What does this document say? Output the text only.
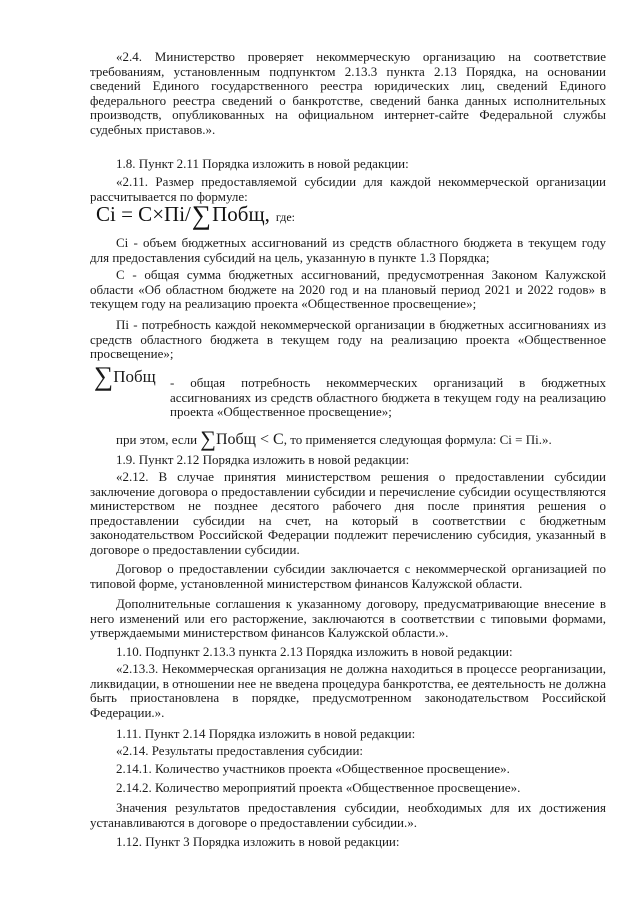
«2.4. Министерство проверяет некоммерческую организацию на соответствие требованиям, установленным подпунктом 2.13.3 пункта 2.13 Порядка, на основании сведений Единого государственного реестра юридических лиц, сведений Единого федерального реестра сведений о банкротстве, сведений банка данных исполнительных производств, опубликованных на официальном интернет-сайте Федеральной службы судебных приставов.».

1.8. Пункт 2.11 Порядка изложить в новой редакции:

«2.11. Размер предоставляемой субсидии для каждой некоммерческой организации рассчитывается по формуле:

Ci = С×Пi / ∑ Побщ, где:

Ci - объем бюджетных ассигнований из средств областного бюджета в текущем году для предоставления субсидий на цель, указанную в пункте 1.3 Порядка;

С - общая сумма бюджетных ассигнований, предусмотренная Законом Калужской области «Об областном бюджете на 2020 год и на плановый период 2021 и 2022 годов» в текущем году на реализацию проекта «Общественное просвещение»;

Пi - потребность каждой некоммерческой организации в бюджетных ассигнованиях из средств областного бюджета в текущем году на реализацию проекта «Общественное просвещение»;

∑ Побщ - общая потребность некоммерческих организаций в бюджетных ассигнованиях из средств областного бюджета в текущем году на реализацию проекта «Общественное просвещение»;

при этом, если ∑Побщ < С, то применяется следующая формула: Ci = Пi.».

1.9. Пункт 2.12 Порядка изложить в новой редакции:

«2.12. В случае принятия министерством решения о предоставлении субсидии заключение договора о предоставлении субсидии и перечисление субсидии осуществляются министерством не позднее десятого рабочего дня после принятия решения о предоставлении субсидии на счет, на который в соответствии с бюджетным законодательством Российской Федерации подлежит перечислению субсидия, указанный в договоре о предоставлении субсидии.

Договор о предоставлении субсидии заключается с некоммерческой организацией по типовой форме, установленной министерством финансов Калужской области.

Дополнительные соглашения к указанному договору, предусматривающие внесение в него изменений или его расторжение, заключаются в соответствии с типовыми формами, утверждаемыми министерством финансов Калужской области.».

1.10. Подпункт 2.13.3 пункта 2.13 Порядка изложить в новой редакции:

«2.13.3. Некоммерческая организация не должна находиться в процессе реорганизации, ликвидации, в отношении нее не введена процедура банкротства, ее деятельность не должна быть приостановлена в порядке, предусмотренном законодательством Российской Федерации.».

1.11. Пункт 2.14 Порядка изложить в новой редакции:

«2.14. Результаты предоставления субсидии:

2.14.1. Количество участников проекта «Общественное просвещение».

2.14.2. Количество мероприятий проекта «Общественное просвещение».

Значения результатов предоставления субсидии, необходимых для их достижения устанавливаются в договоре о предоставлении субсидии.».

1.12. Пункт 3 Порядка изложить в новой редакции:
